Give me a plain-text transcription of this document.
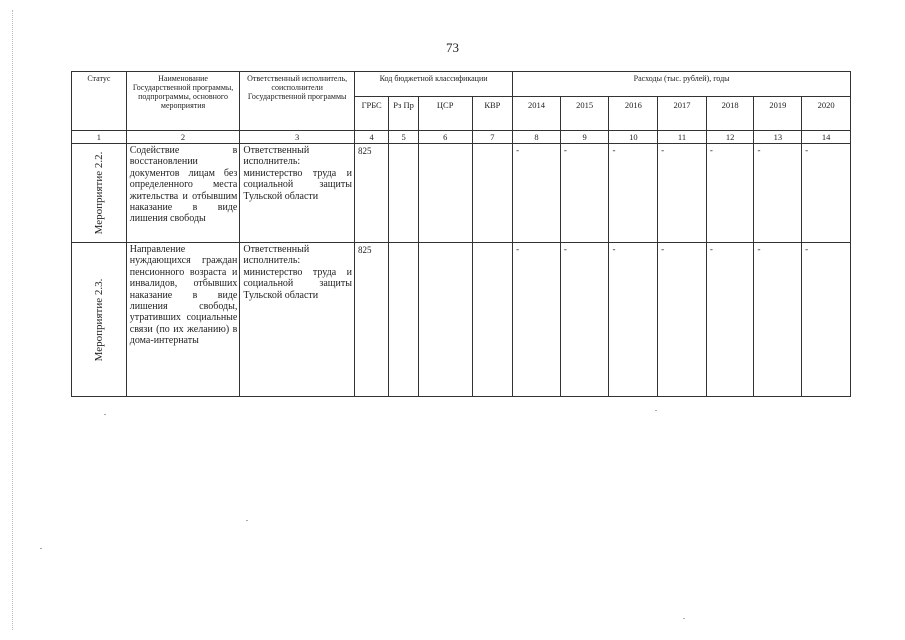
73
Статус	Наименование Государственной программы, подпрограммы, основного мероприятия	Ответственный исполнитель, соисполнители Государственной программы	Код бюджетной классификации				Расходы (тыс. рублей), годы						
			ГРБС	Рз Пр	ЦСР	КВР	2014	2015	2016	2017	2018	2019	2020
1	2	3	4	5	6	7	8	9	10	11	12	13	14

Мероприятие 2.2.	Содействие в восстановлении документов лицам без определенного места жительства и отбывшим наказание в виде лишения свободы	Ответственный исполнитель: министерство труда и социальной защиты Тульской области	825				-	-	-	-	-	-	-

Мероприятие 2.3.	Направление нуждающихся граждан пенсионного возраста и инвалидов, отбывших наказание в виде лишения свободы, утративших социальные связи (по их желанию) в дома-интернаты	Ответственный исполнитель: министерство труда и социальной защиты Тульской области	825				-	-	-	-	-	-	-
